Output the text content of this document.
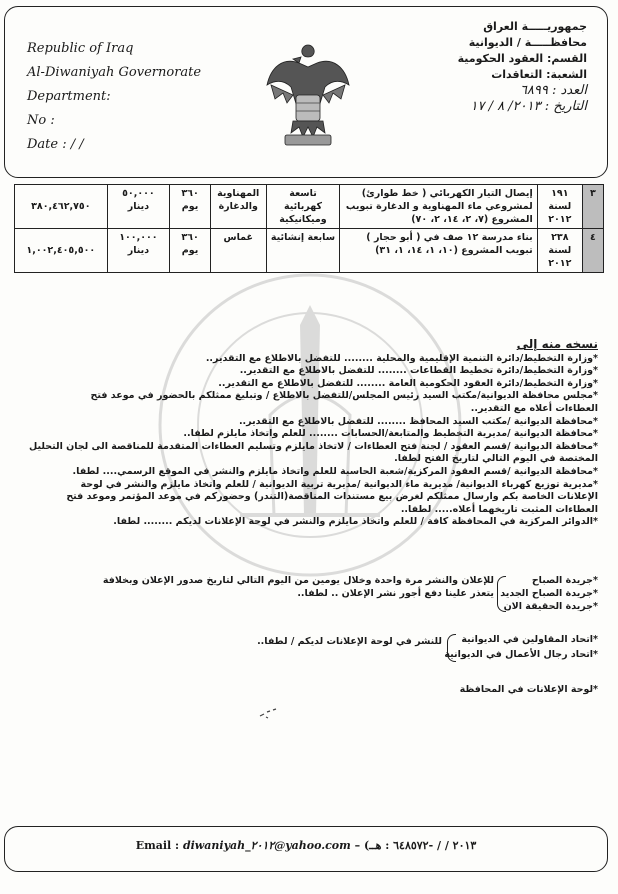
Republic of Iraq
Al-Diwaniyah Governorate
Department:
No :
Date : / /
جمهوريـــــة العراق
محافظـــــة / الديوانية
القسم: العقود الحكومية
الشعبة: التعاقدات
العدد : ٦٨٩٩
التاريخ : ٢٠١٣/ ٨ / ١٧
٣	١٩١ لسنة ٢٠١٢	إيصال التيار الكهربائي ( خط طوارئ) لمشروعي ماء المهناوية و الدغارة تبويب المشروع (٧، ٢، ١٤، ٢، ٧٠)	تاسعة كهربائية وميكانيكية	المهناوية والدغارة	٣٦٠ يوم	٥٠,٠٠٠ دينار	٣٨٠,٤٦٢,٧٥٠
٤	٢٣٨ لسنة ٢٠١٢	بناء مدرسة ١٢ صف في ( أبو حجار ) تبويب المشروع (١٠، ١، ١٤، ١، ٣١)	سابعة إنشائية	غماس	٣٦٠ يوم	١٠٠,٠٠٠ دينار	١,٠٠٢,٤٠٥,٥٠٠
نسخه منه إلى
*وزارة التخطيط/دائرة التنمية الإقليمية والمحلية ........ للتفضل بالاطلاع مع التقدير..
*وزارة التخطيط/دائرة تخطيط القطاعات ........ للتفضل بالاطلاع مع التقدير..
*وزارة التخطيط/دائرة العقود الحكومية العامة ........ للتفضل بالاطلاع مع التقدير..
*مجلس محافظة الديوانية/مكتب السيد رئيس المجلس/للتفضل بالاطلاع / وتبليغ ممثلكم بالحضور في موعد فتح
العطاءات أعلاه مع التقدير..
*محافظة الديوانية /مكتب السيد المحافظ ........ للتفضل بالاطلاع مع التقدير..
*محافظة الديوانية /مديرية التخطيط والمتابعة/الحسابات ........ للعلم واتخاذ مايلزم لطفا..
*محافظة الديوانية /قسم العقود / لجنة فتح العطاءات / لاتخاذ مايلزم وتسليم العطاءات المتقدمة للمناقصة الى لجان التحليل
المختصة في اليوم التالي لتاريخ الفتح لطفا.
*محافظة الديوانية /قسم العقود المركزية/شعبة الحاسبة للعلم واتخاذ مايلزم والنشر في الموقع الرسمي.... لطفا.
*مديرية توزيع كهرباء الديوانية/ مديرية ماء الديوانية /مديرية تربية الديوانية / للعلم واتخاذ مايلزم والنشر في لوحة
الإعلانات الخاصة بكم وارسال ممثلكم لغرض بيع مستندات المناقصة(التندر) وحضوركم في موعد المؤتمر وموعد فتح
العطاءات المثبت تاريخهما أعلاه..... لطفا..
*الدوائر المركزية في المحافظة كافة / للعلم واتخاذ مايلزم والنشر في لوحة الإعلانات لديكم ........ لطفا.
*جريدة الصباح
*جريدة الصباح الجديد
*جريدة الحقيقة الان
للإعلان والنشر مرة واحدة وخلال يومين من اليوم التالي لتاريخ صدور الإعلان وبخلافة
يتعذر علينا دفع أجور نشر الإعلان .. لطفا..
*اتحاد المقاولين في الديوانية
*اتحاد رجال الأعمال في الديوانية
للنشر في لوحة الإعلانات لديكم / لطفا..
*لوحة الإعلانات في المحافظة
Email : diwaniyah_٢٠١٢@yahoo.com – (٢٠١٣ / / -٦٤٨٥٧٢ : هــ
